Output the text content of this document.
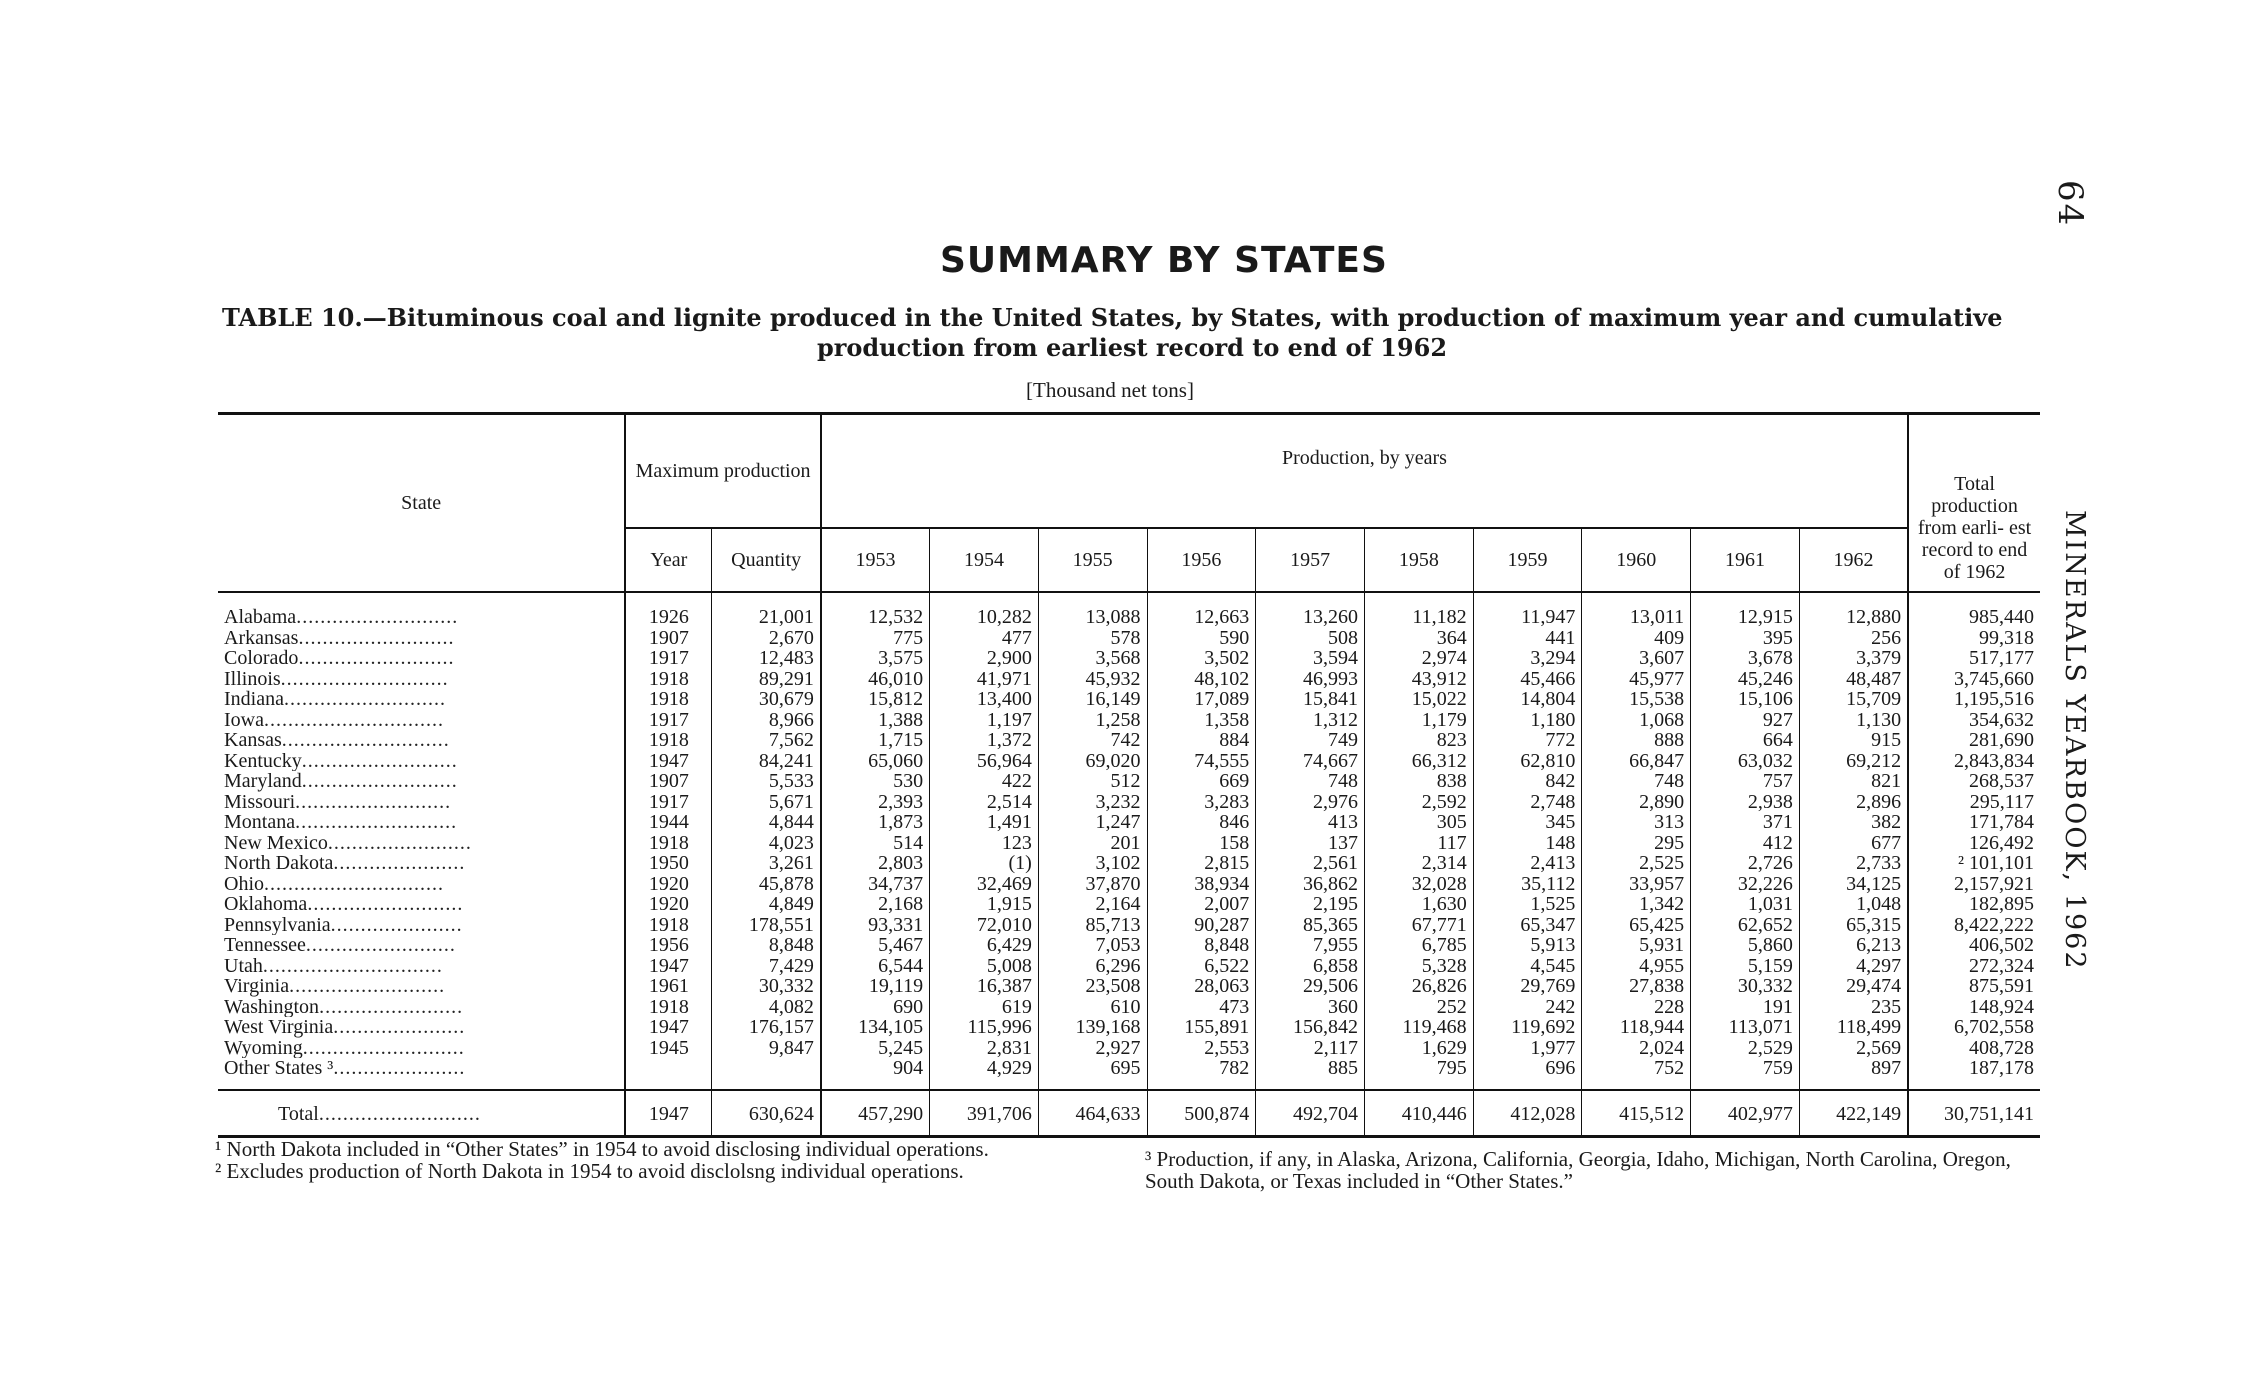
SUMMARY BY STATES
TABLE 10.—Bituminous coal and lignite produced in the United States, by States, with production of maximum year and cumulative
production from earliest record to end of 1962
[Thousand net tons]
64
MINERALS YEARBOOK, 1962
State	Maximum production		Production, by years										Total production from earli- est record to end of 1962
	Year	Quantity	1953	1954	1955	1956	1957	1958	1959	1960	1961	1962	
Alabama...........................	1926	21,001	12,532	10,282	13,088	12,663	13,260	11,182	11,947	13,011	12,915	12,880	985,440
Arkansas..........................	1907	2,670	775	477	578	590	508	364	441	409	395	256	99,318
Colorado..........................	1917	12,483	3,575	2,900	3,568	3,502	3,594	2,974	3,294	3,607	3,678	3,379	517,177
Illinois............................	1918	89,291	46,010	41,971	45,932	48,102	46,993	43,912	45,466	45,977	45,246	48,487	3,745,660
Indiana...........................	1918	30,679	15,812	13,400	16,149	17,089	15,841	15,022	14,804	15,538	15,106	15,709	1,195,516
Iowa..............................	1917	8,966	1,388	1,197	1,258	1,358	1,312	1,179	1,180	1,068	927	1,130	354,632
Kansas............................	1918	7,562	1,715	1,372	742	884	749	823	772	888	664	915	281,690
Kentucky..........................	1947	84,241	65,060	56,964	69,020	74,555	74,667	66,312	62,810	66,847	63,032	69,212	2,843,834
Maryland..........................	1907	5,533	530	422	512	669	748	838	842	748	757	821	268,537
Missouri..........................	1917	5,671	2,393	2,514	3,232	3,283	2,976	2,592	2,748	2,890	2,938	2,896	295,117
Montana...........................	1944	4,844	1,873	1,491	1,247	846	413	305	345	313	371	382	171,784
New Mexico........................	1918	4,023	514	123	201	158	137	117	148	295	412	677	126,492
North Dakota......................	1950	3,261	2,803	(1)	3,102	2,815	2,561	2,314	2,413	2,525	2,726	2,733	² 101,101
Ohio..............................	1920	45,878	34,737	32,469	37,870	38,934	36,862	32,028	35,112	33,957	32,226	34,125	2,157,921
Oklahoma..........................	1920	4,849	2,168	1,915	2,164	2,007	2,195	1,630	1,525	1,342	1,031	1,048	182,895
Pennsylvania......................	1918	178,551	93,331	72,010	85,713	90,287	85,365	67,771	65,347	65,425	62,652	65,315	8,422,222
Tennessee.........................	1956	8,848	5,467	6,429	7,053	8,848	7,955	6,785	5,913	5,931	5,860	6,213	406,502
Utah..............................	1947	7,429	6,544	5,008	6,296	6,522	6,858	5,328	4,545	4,955	5,159	4,297	272,324
Virginia..........................	1961	30,332	19,119	16,387	23,508	28,063	29,506	26,826	29,769	27,838	30,332	29,474	875,591
Washington........................	1918	4,082	690	619	610	473	360	252	242	228	191	235	148,924
West Virginia......................	1947	176,157	134,105	115,996	139,168	155,891	156,842	119,468	119,692	118,944	113,071	118,499	6,702,558
Wyoming...........................	1945	9,847	5,245	2,831	2,927	2,553	2,117	1,629	1,977	2,024	2,529	2,569	408,728
Other States ³......................			904	4,929	695	782	885	795	696	752	759	897	187,178
Total...........................	1947	630,624	457,290	391,706	464,633	500,874	492,704	410,446	412,028	415,512	402,977	422,149	30,751,141

¹ North Dakota included in “Other States” in 1954 to avoid disclosing individual operations.

² Excludes production of North Dakota in 1954 to avoid disclolsng individual operations.	³ Production, if any, in Alaska, Arizona, California, Georgia, Idaho, Michigan, North Carolina, Oregon, South Dakota, or Texas included in “Other States.”
